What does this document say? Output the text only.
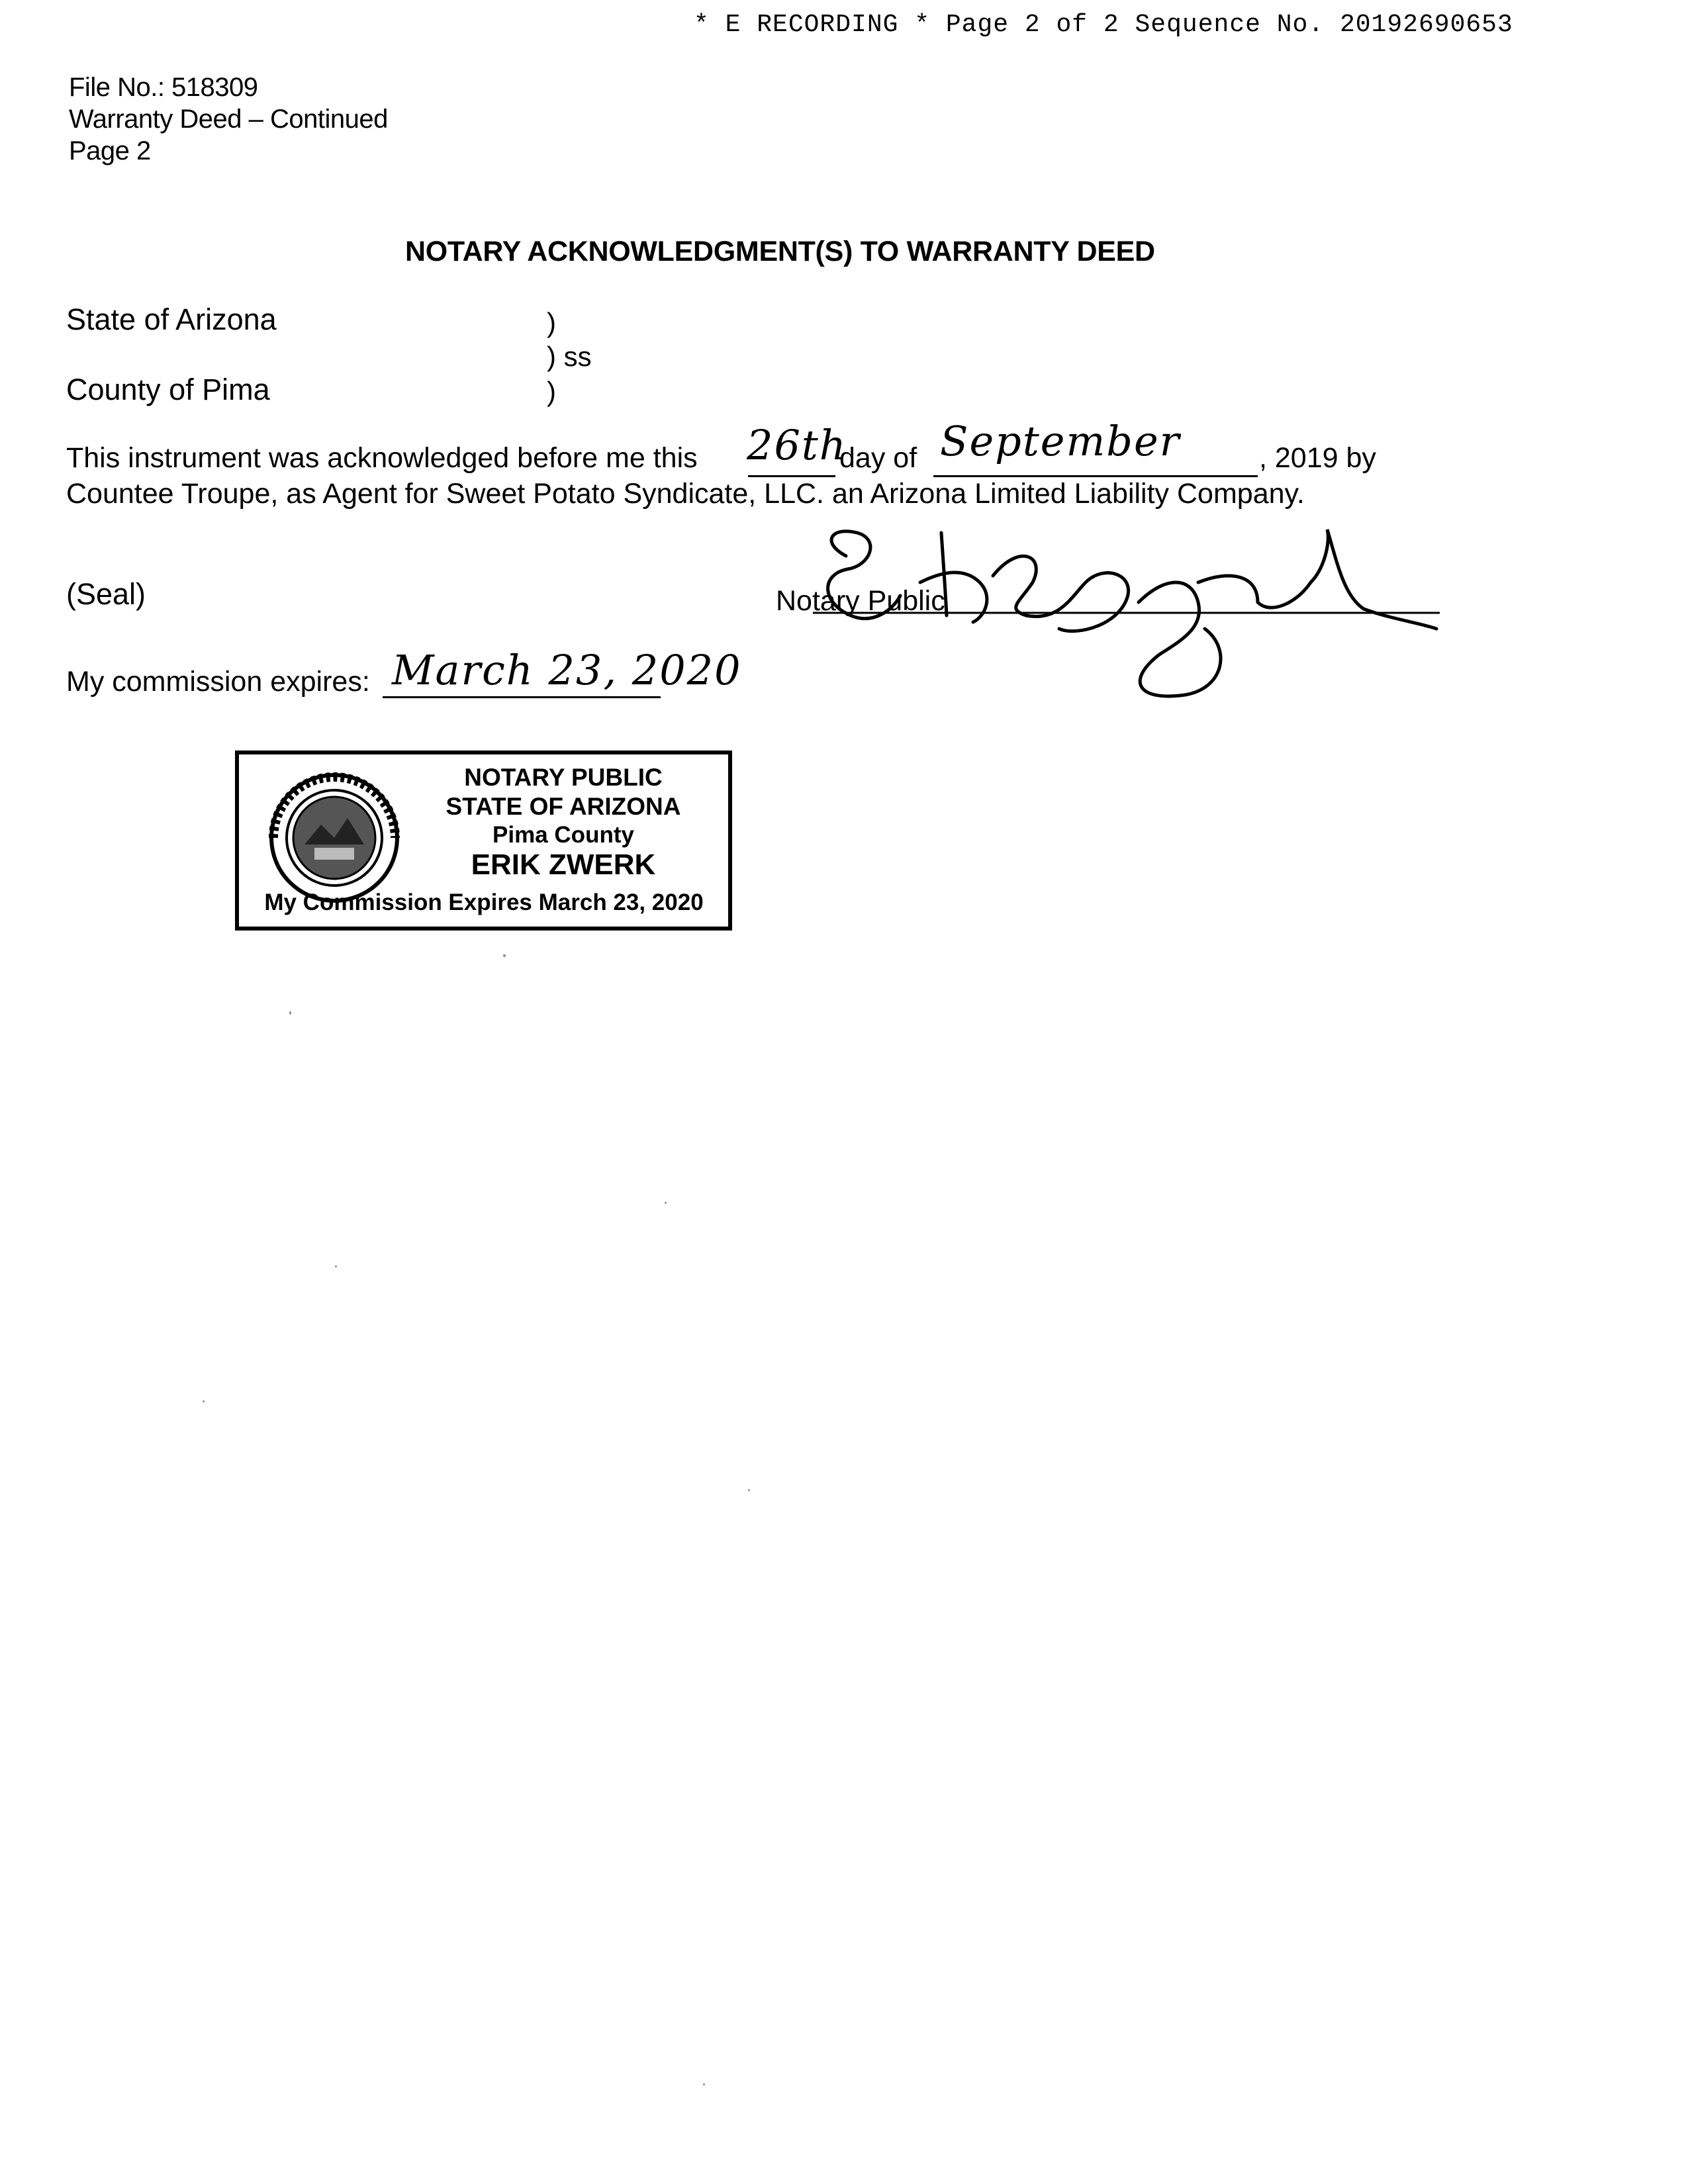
* E RECORDING * Page 2 of 2 Sequence No. 20192690653
File No.: 518309
Warranty Deed – Continued
Page 2
NOTARY ACKNOWLEDGMENT(S) TO WARRANTY DEED
State of Arizona
County of Pima
)
) ss
)
This instrument was acknowledged before me this 26th
day of September	, 2019 by
Countee Troupe, as Agent for Sweet Potato Syndicate, LLC. an Arizona Limited Liability Company.
(Seal)	Notary Public
My commission expires: March 23, 2020
NOTARY PUBLIC
STATE OF ARIZONA
Pima County
ERIK ZWERK
My Commission Expires March 23, 2020
